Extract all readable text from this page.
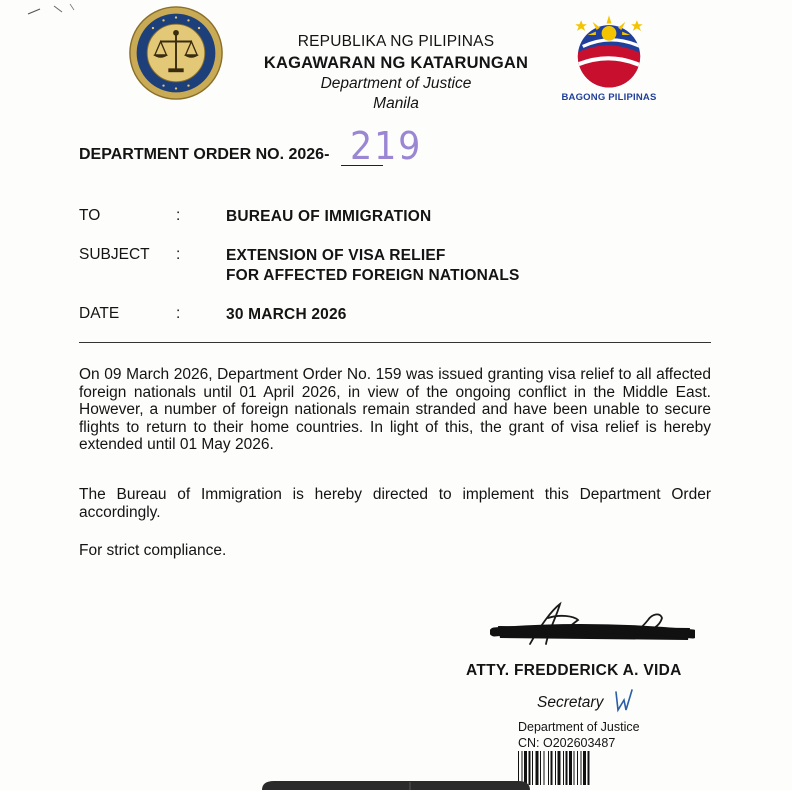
REPUBLIKA NG PILIPINAS
KAGAWARAN NG KATARUNGAN
Department of Justice
Manila	BAGONG PILIPINAS
DEPARTMENT ORDER NO. 2026- 219
TO	:	BUREAU OF IMMIGRATION
SUBJECT :	EXTENSION OF VISA RELIEF
FOR AFFECTED FOREIGN NATIONALS
DATE	:	30 MARCH 2026
On 09 March 2026, Department Order No. 159 was issued granting visa relief to all affected foreign nationals until 01 April 2026, in view of the ongoing conflict in the Middle East. However, a number of foreign nationals remain stranded and have been unable to secure flights to return to their home countries. In light of this, the grant of visa relief is hereby extended until 01 May 2026.
The Bureau of Immigration is hereby directed to implement this Department Order accordingly.
For strict compliance.
ATTY. FREDDERICK A. VIDA
Secretary
Department of Justice
CN: O202603487
